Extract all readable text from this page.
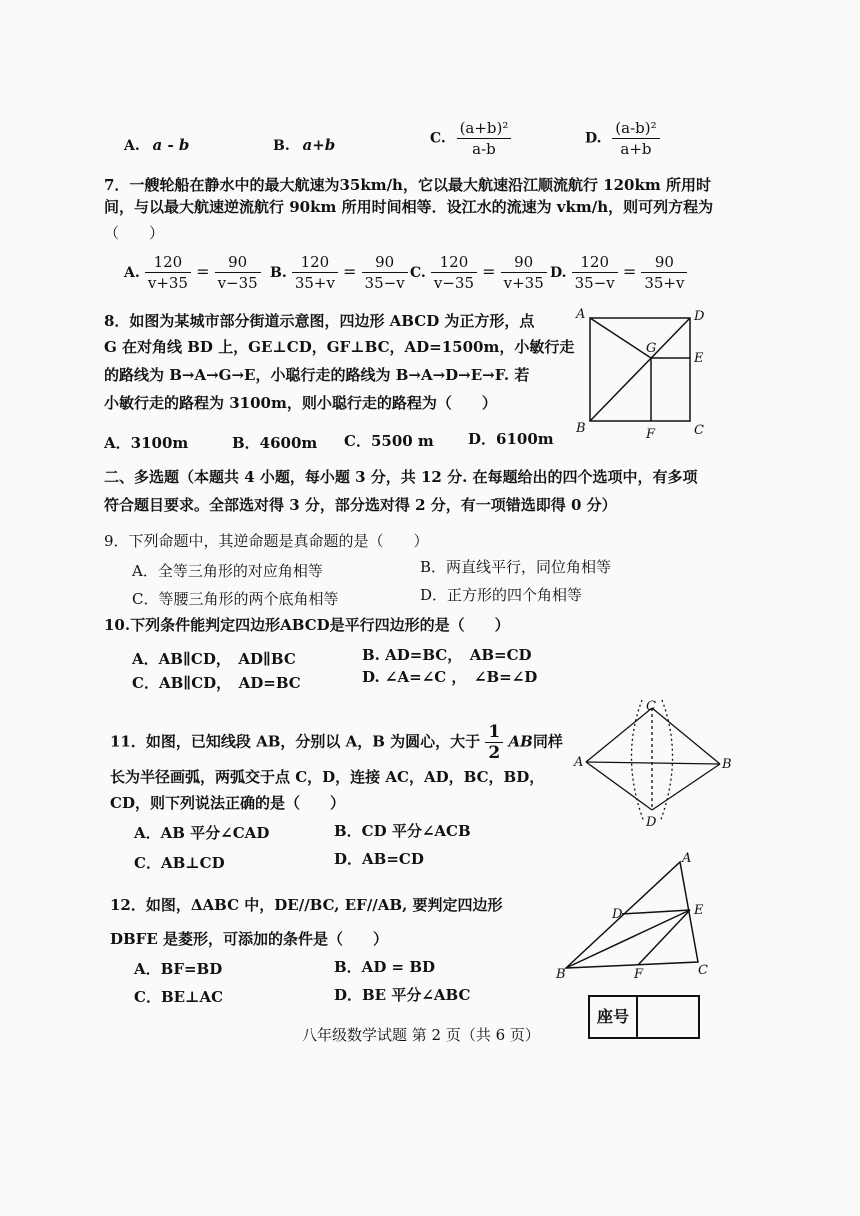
A. a - b	B. a+b	C. $\frac{\text{(a+b)²}}{a-b}$	D. $\frac{\text{(a-b)²}}{a+b}$
7．一艘轮船在静水中的最大航速为35km/h，它以最大航速沿江顺流航行 120km 所用时
间，与以最大航速逆流航行 90km 所用时间相等．设江水的流速为 vkm/h，则可列方程为
（　　）
A. $\frac{120}{v+35} = \frac{90}{v-35} B$. $\frac{120}{35+v} = \frac{90}{35-v} C$. $\frac{120}{v-35} = \frac{90}{v+35} D$. $\frac{120}{35-v} = \frac{90}{35+v}$
8．如图为某城市部分街道示意图，四边形 ABCD 为正方形，点
G 在对角线 BD 上，GE⊥CD，GF⊥BC，AD=1500m，小敏行走
的路线为 B→A→G→E，小聪行走的路线为 B→A→D→E→F. 若
小敏行走的路程为 3100m，则小聪行走的路程为（　　）
A．3100m	B．4600m C．5500 m D．6100m
A	D
G
E
B	F	C
二、多选题（本题共 4 小题，每小题 3 分，共 12 分. 在每题给出的四个选项中，有多项
符合题目要求。全部选对得 3 分，部分选对得 2 分，有一项错选即得 0 分）
9．下列命题中，其逆命题是真命题的是（　　）
A．全等三角形的对应角相等	B．两直线平行，同位角相等
C．等腰三角形的两个底角相等	D．正方形的四个角相等
10.下列条件能判定四边形ABCD是平行四边形的是（　　）
A．AB∥CD，　AD∥BC	B. AD=BC，　AB=CD
C．AB∥CD，　AD=BC	D. ∠A=∠C ，　∠B=∠D
11．如图，已知线段 AB，分别以 A，B 为圆心，大于 $\frac{1}{2}$ AB同样
长为半径画弧，两弧交于点 C，D，连接 AC，AD，BC，BD，
CD，则下列说法正确的是（　　）
A．AB 平分∠CAD	B．CD 平分∠ACB
C．AB⊥CD	D．AB=CD
C
A	B
D
12．如图，ΔABC 中，DE//BC, EF//AB, 要判定四边形
DBFE 是菱形，可添加的条件是（　　）
A．BF=BD	B．AD = BD
C．BE⊥AC	D．BE 平分∠ABC
A
D	E
B	F	C
座号
八年级数学试题 第 2 页（共 6 页）
